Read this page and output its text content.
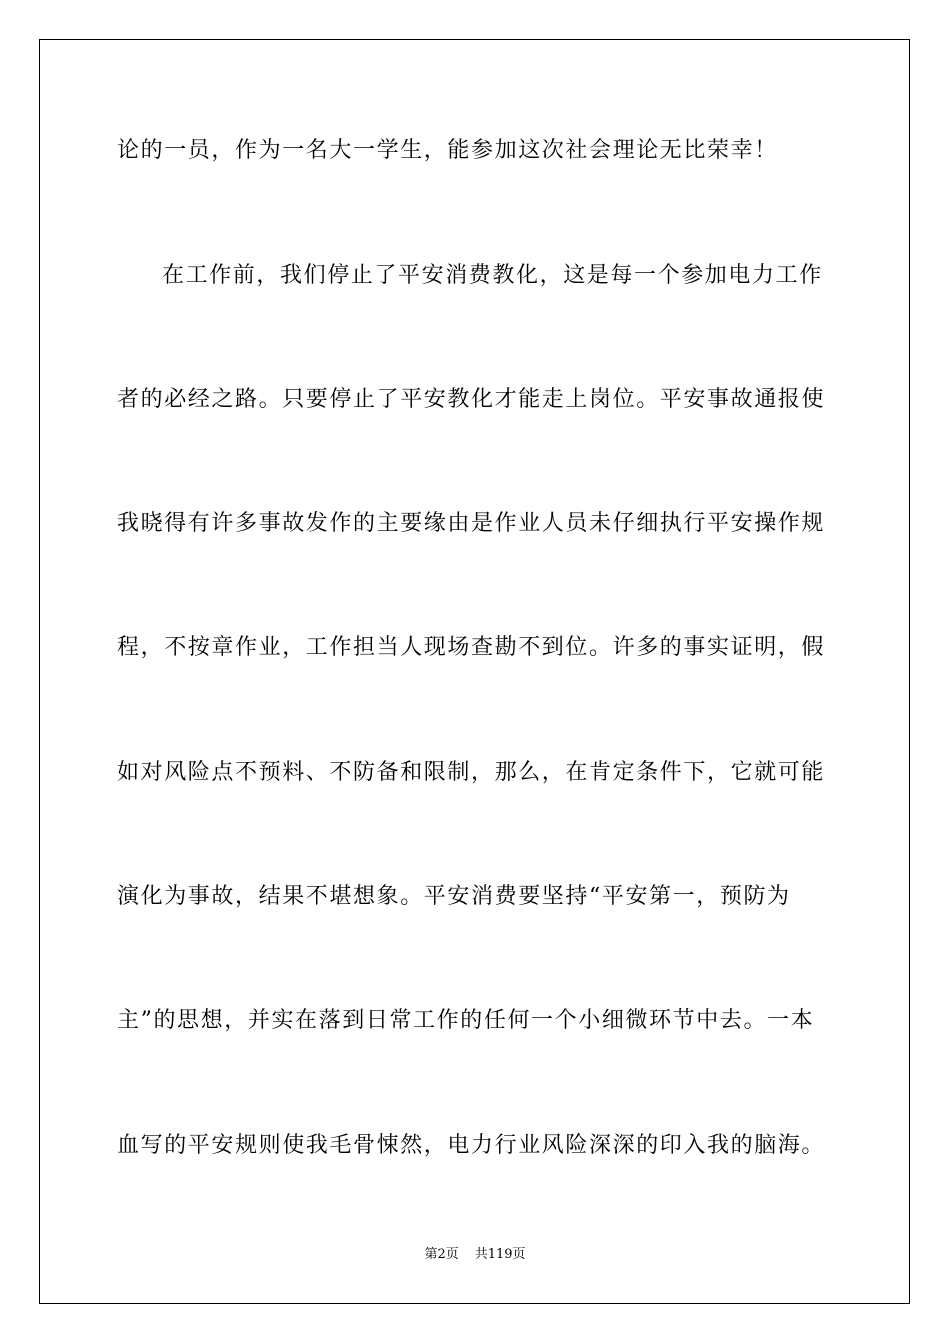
论的一员，作为一名大一学生，能参加这次社会理论无比荣幸！
在工作前，我们停止了平安消费教化，这是每一个参加电力工作
者的必经之路。只要停止了平安教化才能走上岗位。平安事故通报使
我晓得有许多事故发作的主要缘由是作业人员未仔细执行平安操作规
程，不按章作业，工作担当人现场查勘不到位。许多的事实证明，假
如对风险点不预料、不防备和限制，那么，在肯定条件下，它就可能
演化为事故，结果不堪想象。平安消费要坚持“平安第一，预防为
主”的思想，并实在落到日常工作的任何一个小细微环节中去。一本
血写的平安规则使我毛骨悚然，电力行业风险深深的印入我的脑海。
第2页 共119页
